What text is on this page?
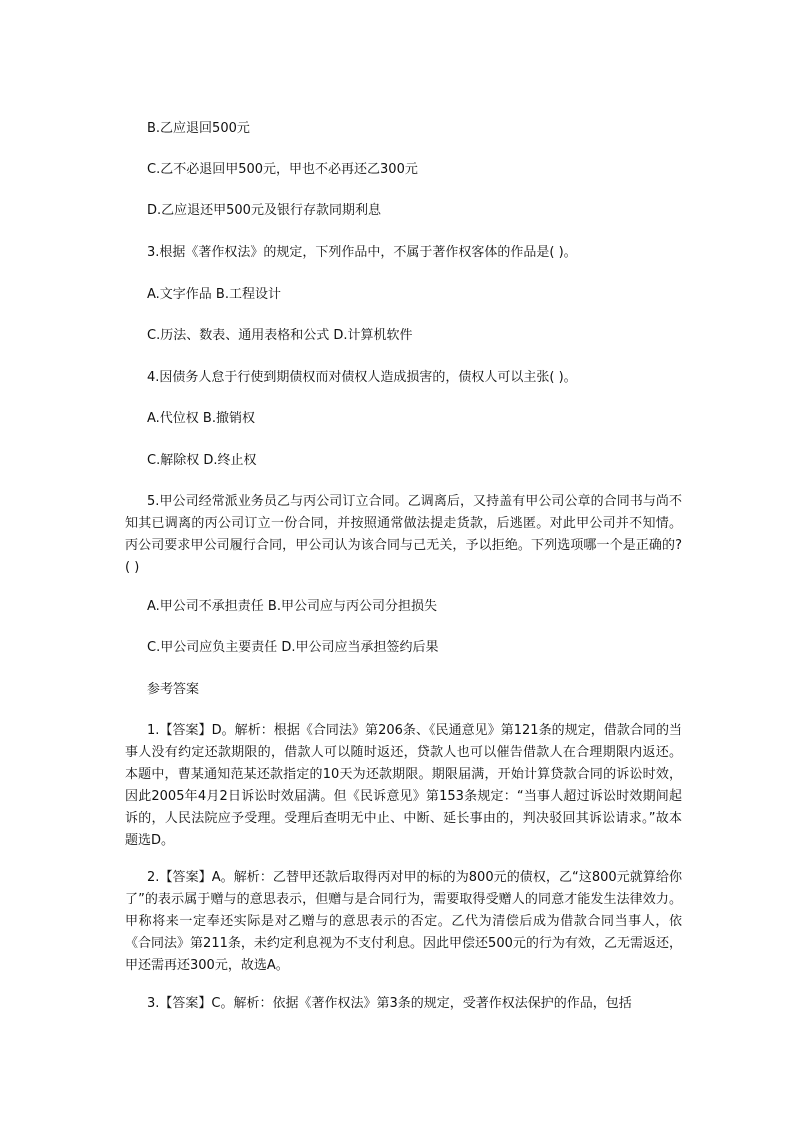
B.乙应退回500元

C.乙不必退回甲500元，甲也不必再还乙300元

D.乙应退还甲500元及银行存款同期利息

3.根据《著作权法》的规定，下列作品中，不属于著作权客体的作品是( )。

A.文字作品 B.工程设计

C.历法、数表、通用表格和公式 D.计算机软件

4.因债务人怠于行使到期债权而对债权人造成损害的，债权人可以主张( )。

A.代位权 B.撤销权

C.解除权 D.终止权

5.甲公司经常派业务员乙与丙公司订立合同。乙调离后，又持盖有甲公司公章的合同书与尚不知其已调离的丙公司订立一份合同，并按照通常做法提走货款，后逃匿。对此甲公司并不知情。丙公司要求甲公司履行合同，甲公司认为该合同与己无关，予以拒绝。下列选项哪一个是正确的?( )

A.甲公司不承担责任 B.甲公司应与丙公司分担损失

C.甲公司应负主要责任 D.甲公司应当承担签约后果

参考答案

1.【答案】D。解析：根据《合同法》第206条、《民通意见》第121条的规定，借款合同的当事人没有约定还款期限的，借款人可以随时返还，贷款人也可以催告借款人在合理期限内返还。本题中，曹某通知范某还款指定的10天为还款期限。期限届满，开始计算贷款合同的诉讼时效，因此2005年4月2日诉讼时效届满。但《民诉意见》第153条规定：“当事人超过诉讼时效期间起诉的，人民法院应予受理。受理后查明无中止、中断、延长事由的，判决驳回其诉讼请求。”故本题选D。

2.【答案】A。解析：乙替甲还款后取得丙对甲的标的为800元的债权，乙“这800元就算给你了”的表示属于赠与的意思表示，但赠与是合同行为，需要取得受赠人的同意才能发生法律效力。甲称将来一定奉还实际是对乙赠与的意思表示的否定。乙代为清偿后成为借款合同当事人，依《合同法》第211条，未约定利息视为不支付利息。因此甲偿还500元的行为有效，乙无需返还，甲还需再还300元，故选A。

3.【答案】C。解析：依据《著作权法》第3条的规定，受著作权法保护的作品，包括
